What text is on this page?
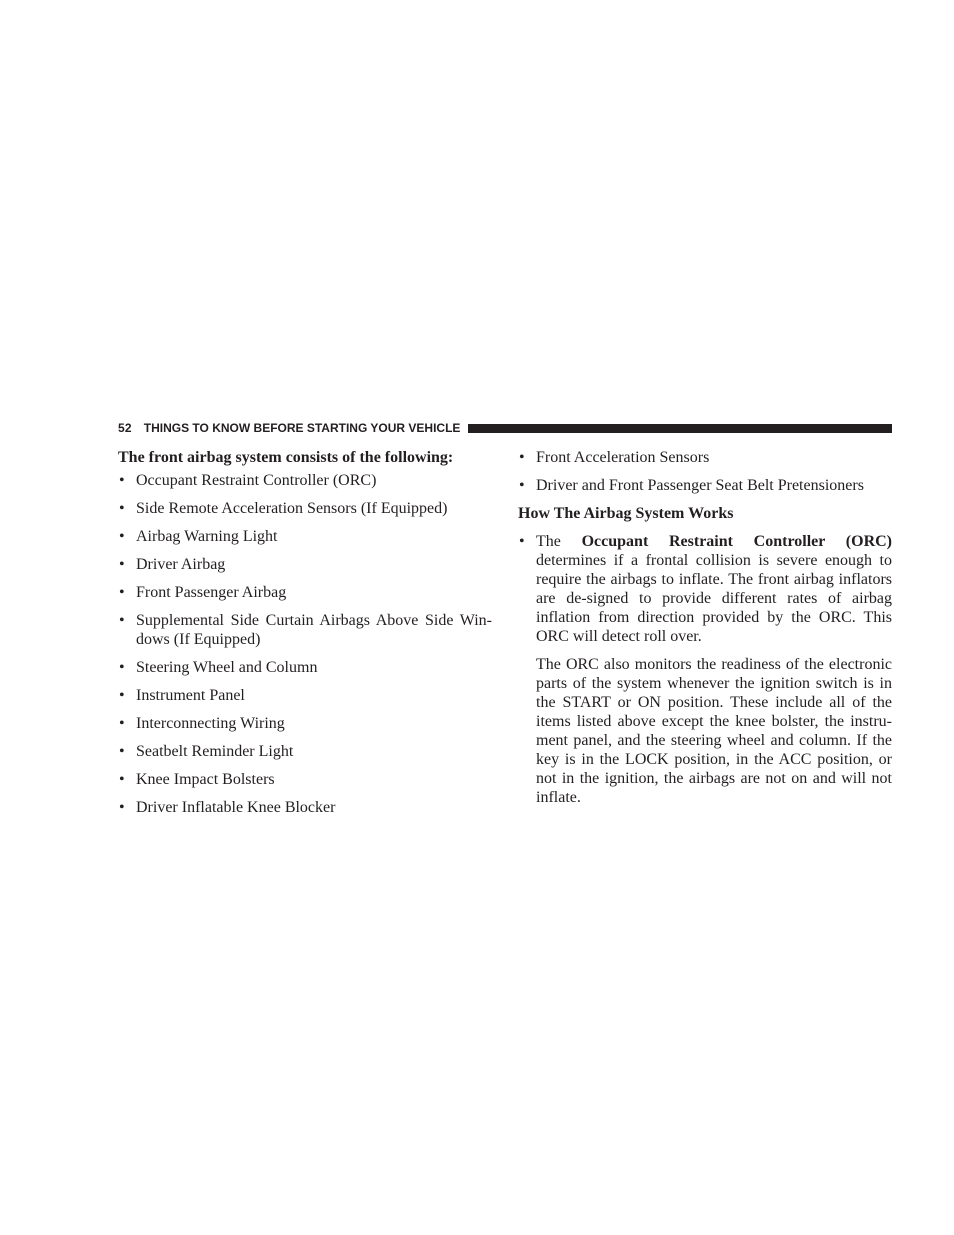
52 THINGS TO KNOW BEFORE STARTING YOUR VEHICLE

The front airbag system consists of the following:

• Occupant Restraint Controller (ORC)
• Side Remote Acceleration Sensors (If Equipped)
• Airbag Warning Light
• Driver Airbag
• Front Passenger Airbag
• Supplemental Side Curtain Airbags Above Side Win-dows (If Equipped)
• Steering Wheel and Column
• Instrument Panel
• Interconnecting Wiring
• Seatbelt Reminder Light
• Knee Impact Bolsters
• Driver Inflatable Knee Blocker
• Front Acceleration Sensors
• Driver and Front Passenger Seat Belt Pretensioners

How The Airbag System Works

• The Occupant Restraint Controller (ORC) determines if a frontal collision is severe enough to require the airbags to inflate. The front airbag inflators are de-signed to provide different rates of airbag inflation from direction provided by the ORC. This ORC will detect roll over.

The ORC also monitors the readiness of the electronic parts of the system whenever the ignition switch is in the START or ON position. These include all of the items listed above except the knee bolster, the instru-ment panel, and the steering wheel and column. If the key is in the LOCK position, in the ACC position, or not in the ignition, the airbags are not on and will not inflate.
